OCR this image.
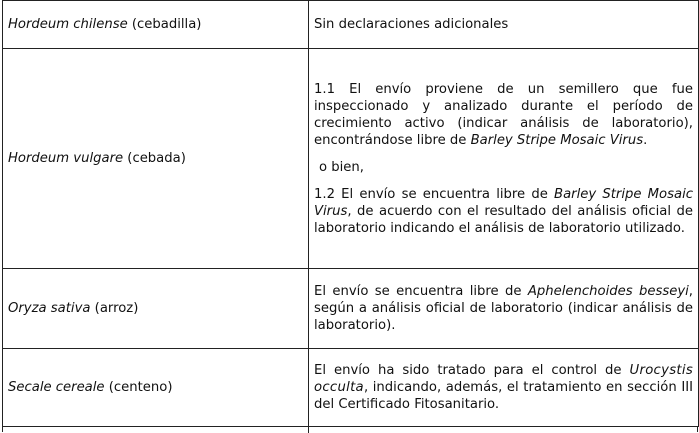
Hordeum chilense (cebadilla)	Sin declaraciones adicionales
Hordeum vulgare (cebada)	1.1 El envío proviene de un semillero que fue inspeccionado y analizado durante el período de crecimiento activo (indicar análisis de laboratorio), encontrándose libre de Barley Stripe Mosaic Virus.

o bien,

1.2 El envío se encuentra libre de Barley Stripe Mosaic Virus, de acuerdo con el resultado del análisis oficial de laboratorio indicando el análisis de laboratorio utilizado.

Oryza sativa (arroz)	El envío se encuentra libre de Aphelenchoides besseyi, según a análisis oficial de laboratorio (indicar análisis de laboratorio).
Secale cereale (centeno)	El envío ha sido tratado para el control de Urocystis occulta, indicando, además, el tratamiento en sección III del Certificado Fitosanitario.
